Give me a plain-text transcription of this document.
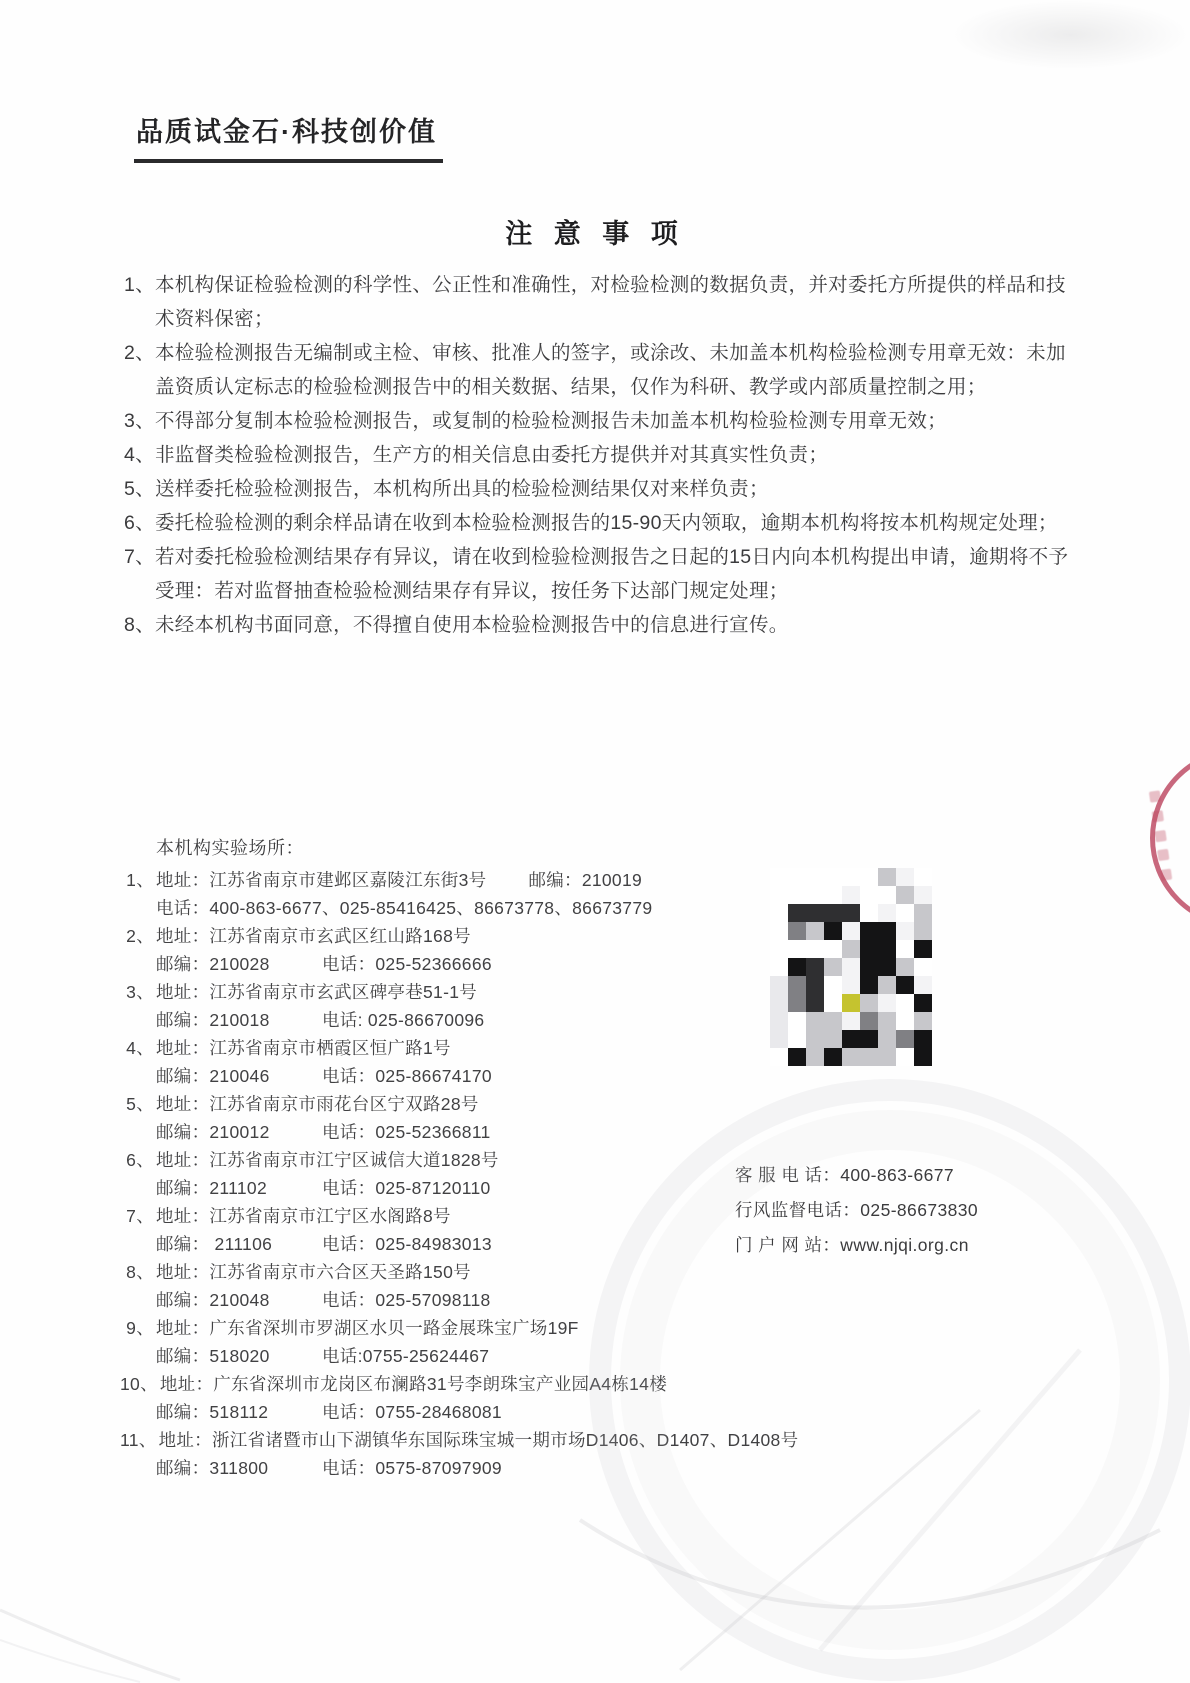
品质试金石·科技创价值
注 意 事 项
1、 本机构保证检验检测的科学性、公正性和准确性，对检验检测的数据负责，并对委托方所提供的样品和技术资料保密；
2、 本检验检测报告无编制或主检、审核、批准人的签字，或涂改、未加盖本机构检验检测专用章无效：未加盖资质认定标志的检验检测报告中的相关数据、结果，仅作为科研、教学或内部质量控制之用；
3、 不得部分复制本检验检测报告，或复制的检验检测报告未加盖本机构检验检测专用章无效；
4、 非监督类检验检测报告，生产方的相关信息由委托方提供并对其真实性负责；
5、 送样委托检验检测报告，本机构所出具的检验检测结果仅对来样负责；
6、 委托检验检测的剩余样品请在收到本检验检测报告的15-90天内领取，逾期本机构将按本机构规定处理；
7、 若对委托检验检测结果存有异议，请在收到检验检测报告之日起的15日内向本机构提出申请，逾期将不予受理：若对监督抽查检验检测结果存有异议，按任务下达部门规定处理；
8、 未经本机构书面同意，不得擅自使用本检验检测报告中的信息进行宣传。
本机构实验场所：
1、 地址：江苏省南京市建邺区嘉陵江东街3号 邮编：210019
电话：400-863-6677、025-85416425、86673778、86673779
2、 地址：江苏省南京市玄武区红山路168号
邮编：210028	电话：025-52366666
3、 地址：江苏省南京市玄武区碑亭巷51-1号
邮编：210018	电话: 025-86670096
4、 地址：江苏省南京市栖霞区恒广路1号
邮编：210046	电话：025-86674170
5、 地址：江苏省南京市雨花台区宁双路28号
邮编：210012	电话：025-52366811
6、 地址：江苏省南京市江宁区诚信大道1828号
邮编：211102	电话：025-87120110
7、 地址：江苏省南京市江宁区水阁路8号
邮编： 211106	电话：025-84983013
8、 地址：江苏省南京市六合区天圣路150号
邮编：210048	电话：025-57098118
9、 地址：广东省深圳市罗湖区水贝一路金展珠宝广场19F
邮编：518020	电话:0755-25624467
10、 地址：广东省深圳市龙岗区布澜路31号李朗珠宝产业园A4栋14楼
邮编：518112	电话：0755-28468081
11、 地址：浙江省诸暨市山下湖镇华东国际珠宝城一期市场D1406、D1407、D1408号
邮编：311800	电话：0575-87097909
客 服 电 话：400-863-6677
行风监督电话：025-86673830
门 户 网 站：www.njqi.org.cn
